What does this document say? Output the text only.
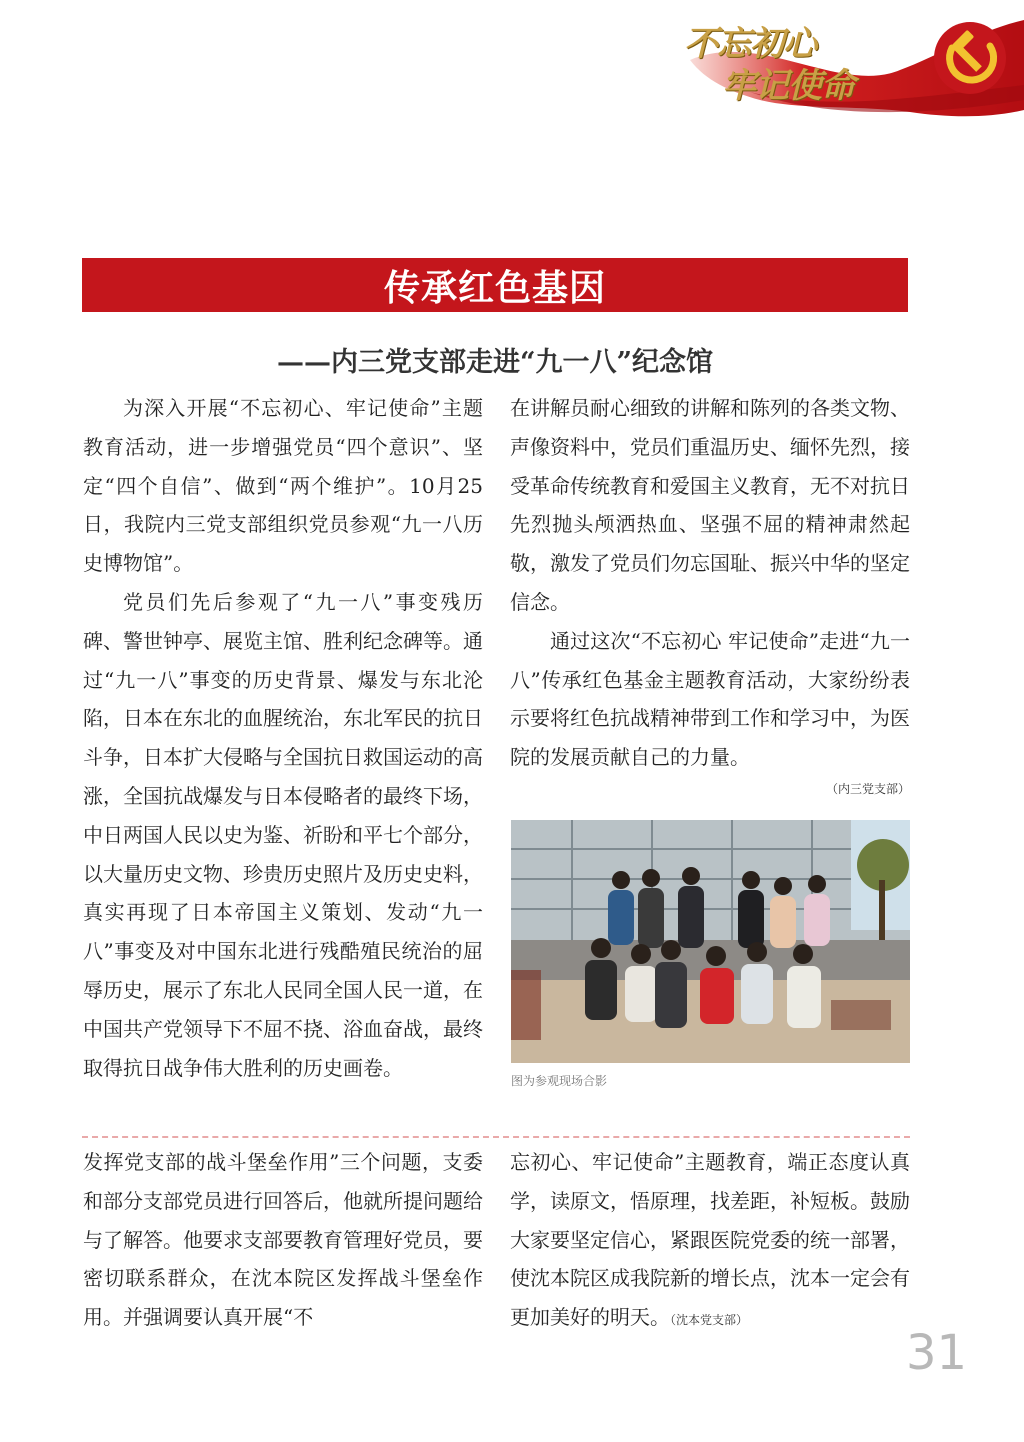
不忘初心
牢记使命
传承红色基因
——内三党支部走进“九一八”纪念馆

为深入开展“不忘初心、牢记使命”主题教育活动，进一步增强党员“四个意识”、坚定“四个自信”、做到“两个维护”。10月25日，我院内三党支部组织党员参观“九一八历史博物馆”。

党员们先后参观了“九一八”事变残历碑、警世钟亭、展览主馆、胜利纪念碑等。通过“九一八”事变的历史背景、爆发与东北沦陷，日本在东北的血腥统治，东北军民的抗日斗争，日本扩大侵略与全国抗日救国运动的高涨，全国抗战爆发与日本侵略者的最终下场，中日两国人民以史为鉴、祈盼和平七个部分，以大量历史文物、珍贵历史照片及历史史料，真实再现了日本帝国主义策划、发动“九一八”事变及对中国东北进行残酷殖民统治的屈辱历史，展示了东北人民同全国人民一道，在中国共产党领导下不屈不挠、浴血奋战，最终取得抗日战争伟大胜利的历史画卷。

在讲解员耐心细致的讲解和陈列的各类文物、声像资料中，党员们重温历史、缅怀先烈，接受革命传统教育和爱国主义教育，无不对抗日先烈抛头颅洒热血、坚强不屈的精神肃然起敬，激发了党员们勿忘国耻、振兴中华的坚定信念。

通过这次“不忘初心 牢记使命”走进“九一八”传承红色基金主题教育活动，大家纷纷表示要将红色抗战精神带到工作和学习中，为医院的发展贡献自己的力量。

（内三党支部）
图为参观现场合影

发挥党支部的战斗堡垒作用”三个问题，支委和部分支部党员进行回答后，他就所提问题给与了解答。他要求支部要教育管理好党员，要密切联系群众，在沈本院区发挥战斗堡垒作用。并强调要认真开展“不

忘初心、牢记使命”主题教育，端正态度认真学，读原文，悟原理，找差距，补短板。鼓励大家要坚定信心，紧跟医院党委的统一部署，使沈本院区成我院新的增长点，沈本一定会有更加美好的明天。（沈本党支部）

31
